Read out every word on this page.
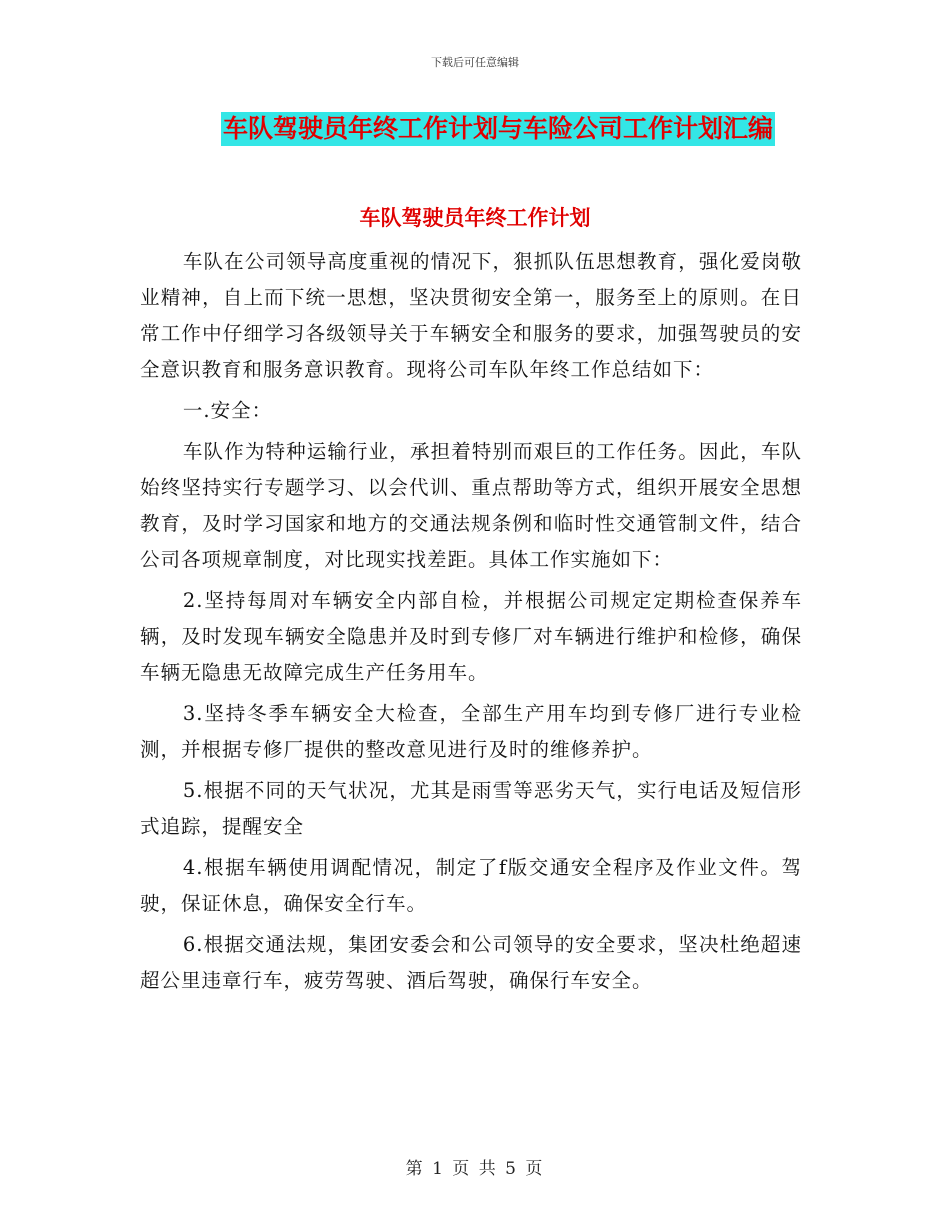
下载后可任意编辑
车队驾驶员年终工作计划与车险公司工作计划汇编
车队驾驶员年终工作计划

车队在公司领导高度重视的情况下，狠抓队伍思想教育，强化爱岗敬业精神，自上而下统一思想，坚决贯彻安全第一，服务至上的原则。在日常工作中仔细学习各级领导关于车辆安全和服务的要求，加强驾驶员的安全意识教育和服务意识教育。现将公司车队年终工作总结如下：

一.安全：

车队作为特种运输行业，承担着特别而艰巨的工作任务。因此，车队始终坚持实行专题学习、以会代训、重点帮助等方式，组织开展安全思想教育，及时学习国家和地方的交通法规条例和临时性交通管制文件，结合公司各项规章制度，对比现实找差距。具体工作实施如下：

2.坚持每周对车辆安全内部自检，并根据公司规定定期检查保养车辆，及时发现车辆安全隐患并及时到专修厂对车辆进行维护和检修，确保车辆无隐患无故障完成生产任务用车。

3.坚持冬季车辆安全大检查，全部生产用车均到专修厂进行专业检测，并根据专修厂提供的整改意见进行及时的维修养护。

5.根据不同的天气状况，尤其是雨雪等恶劣天气，实行电话及短信形式追踪，提醒安全

4.根据车辆使用调配情况，制定了f版交通安全程序及作业文件。驾驶，保证休息，确保安全行车。

6.根据交通法规，集团安委会和公司领导的安全要求，坚决杜绝超速超公里违章行车，疲劳驾驶、酒后驾驶，确保行车安全。

第 1 页 共 5 页
